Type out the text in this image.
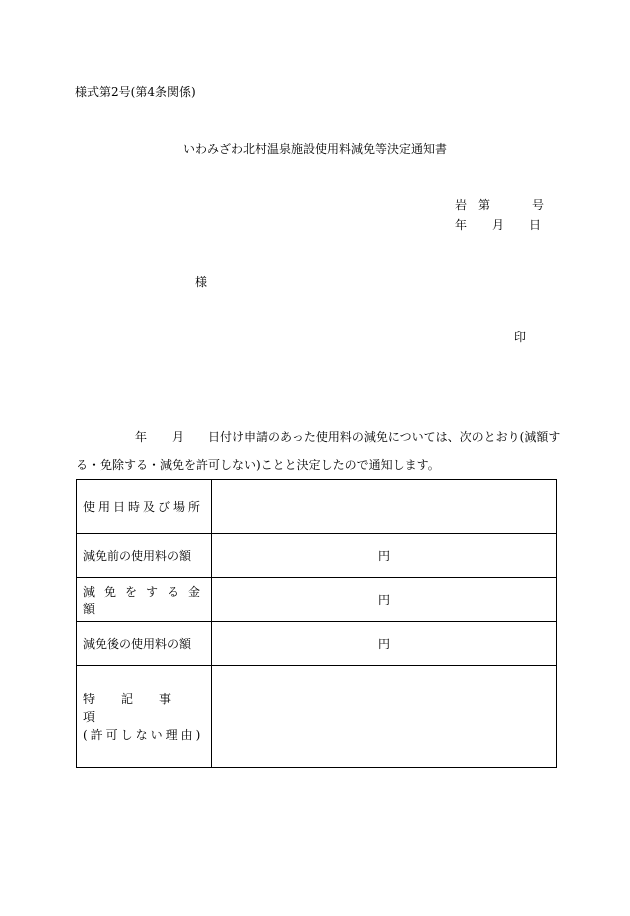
様式第2号(第4条関係)
いわみざわ北村温泉施設使用料減免等決定通知書
岩 第	号
年 月 日
様
印
年 月 日付け申請のあった使用料の減免については、次のとおり(減額す
る・免除する・減免を許可しない)ことと決定したので通知します。
使用日時及び場所	
減免前の使用料の額	円
減免をする金額	円
減免後の使用料の額	円

特記事項
(許可しない理由)	
